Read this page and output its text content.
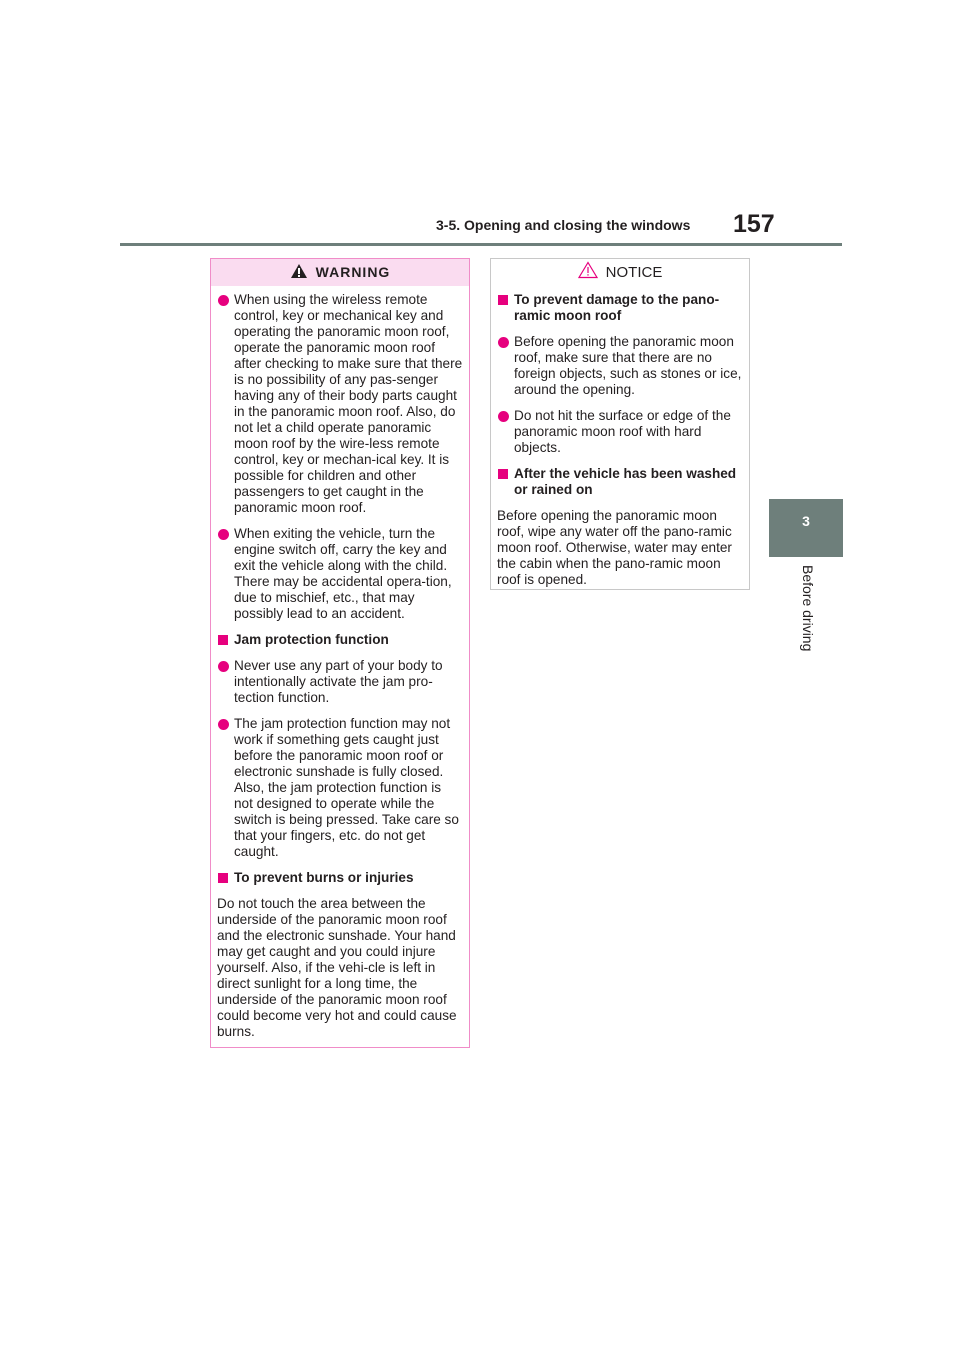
3-5. Opening and closing the windows 157
3
Before driving
WARNING
When using the wireless remote control, key or mechanical key and operating the panoramic moon roof, operate the panoramic moon roof after checking to make sure that there is no possibility of any pas-senger having any of their body parts caught in the panoramic moon roof. Also, do not let a child operate panoramic moon roof by the wire-less remote control, key or mechan-ical key. It is possible for children and other passengers to get caught in the panoramic moon roof.
When exiting the vehicle, turn the engine switch off, carry the key and exit the vehicle along with the child. There may be accidental opera-tion, due to mischief, etc., that may possibly lead to an accident.
Jam protection function
Never use any part of your body to intentionally activate the jam pro-tection function.
The jam protection function may not work if something gets caught just before the panoramic moon roof or electronic sunshade is fully closed. Also, the jam protection function is not designed to operate while the switch is being pressed. Take care so that your fingers, etc. do not get caught.
To prevent burns or injuries
Do not touch the area between the underside of the panoramic moon roof and the electronic sunshade. Your hand may get caught and you could injure yourself. Also, if the vehi-cle is left in direct sunlight for a long time, the underside of the panoramic moon roof could become very hot and could cause burns.
NOTICE
To prevent damage to the pano-ramic moon roof
Before opening the panoramic moon roof, make sure that there are no foreign objects, such as stones or ice, around the opening.
Do not hit the surface or edge of the panoramic moon roof with hard objects.
After the vehicle has been washed or rained on
Before opening the panoramic moon roof, wipe any water off the pano-ramic moon roof. Otherwise, water may enter the cabin when the pano-ramic moon roof is opened.
